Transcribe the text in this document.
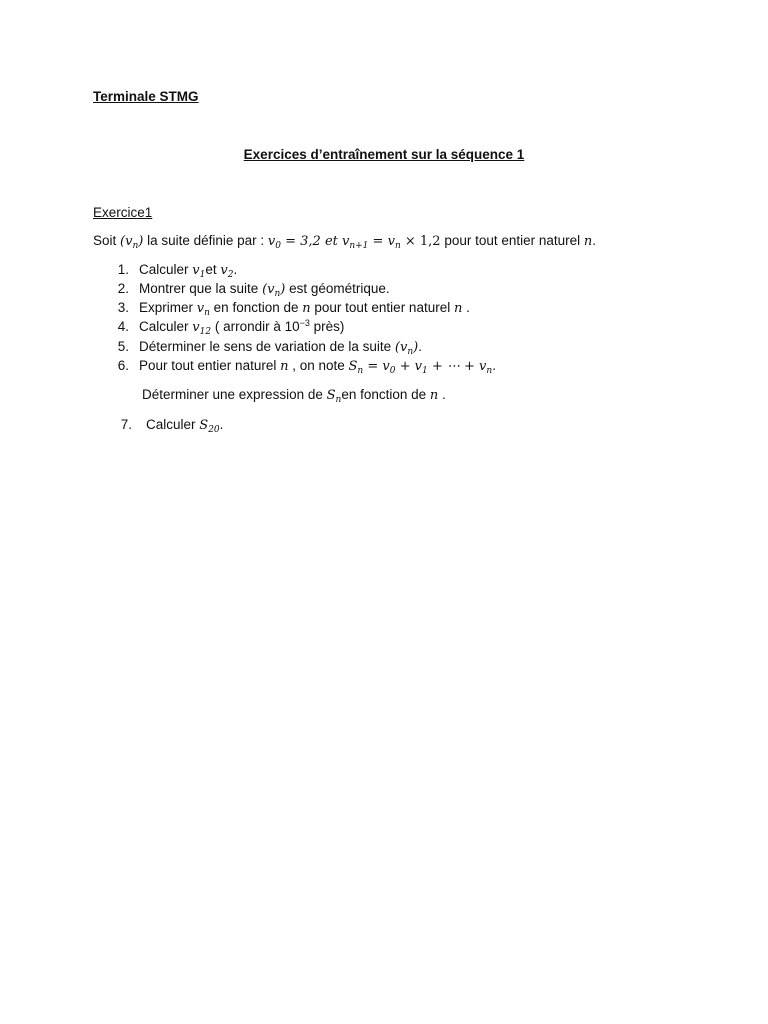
Terminale STMG
Exercices d’entraînement sur la séquence 1
Exercice1
Soit $(v_n)$ la suite définie par : $v_0 = 3,2$ et $v_{n+1} = v_n \times 1,2$ pour tout entier naturel n.
1. Calculer $v_1et$ $v_2$.
2. Montrer que la suite $(v_n)$ est géométrique.
3. Exprimer $v_n$ en fonction de n pour tout entier naturel n .
4. Calculer $v_{12}$ ( arrondir à $10^{-3}$ près)
5. Déterminer le sens de variation de la suite $(v_n)$.
6. Pour tout entier naturel n , on note $S_n = v_0 + v_1$ + ⋯ + $v_n$.
Déterminer une expression de $S_nen$ fonction de n .
7. Calculer $S_{20}$.
